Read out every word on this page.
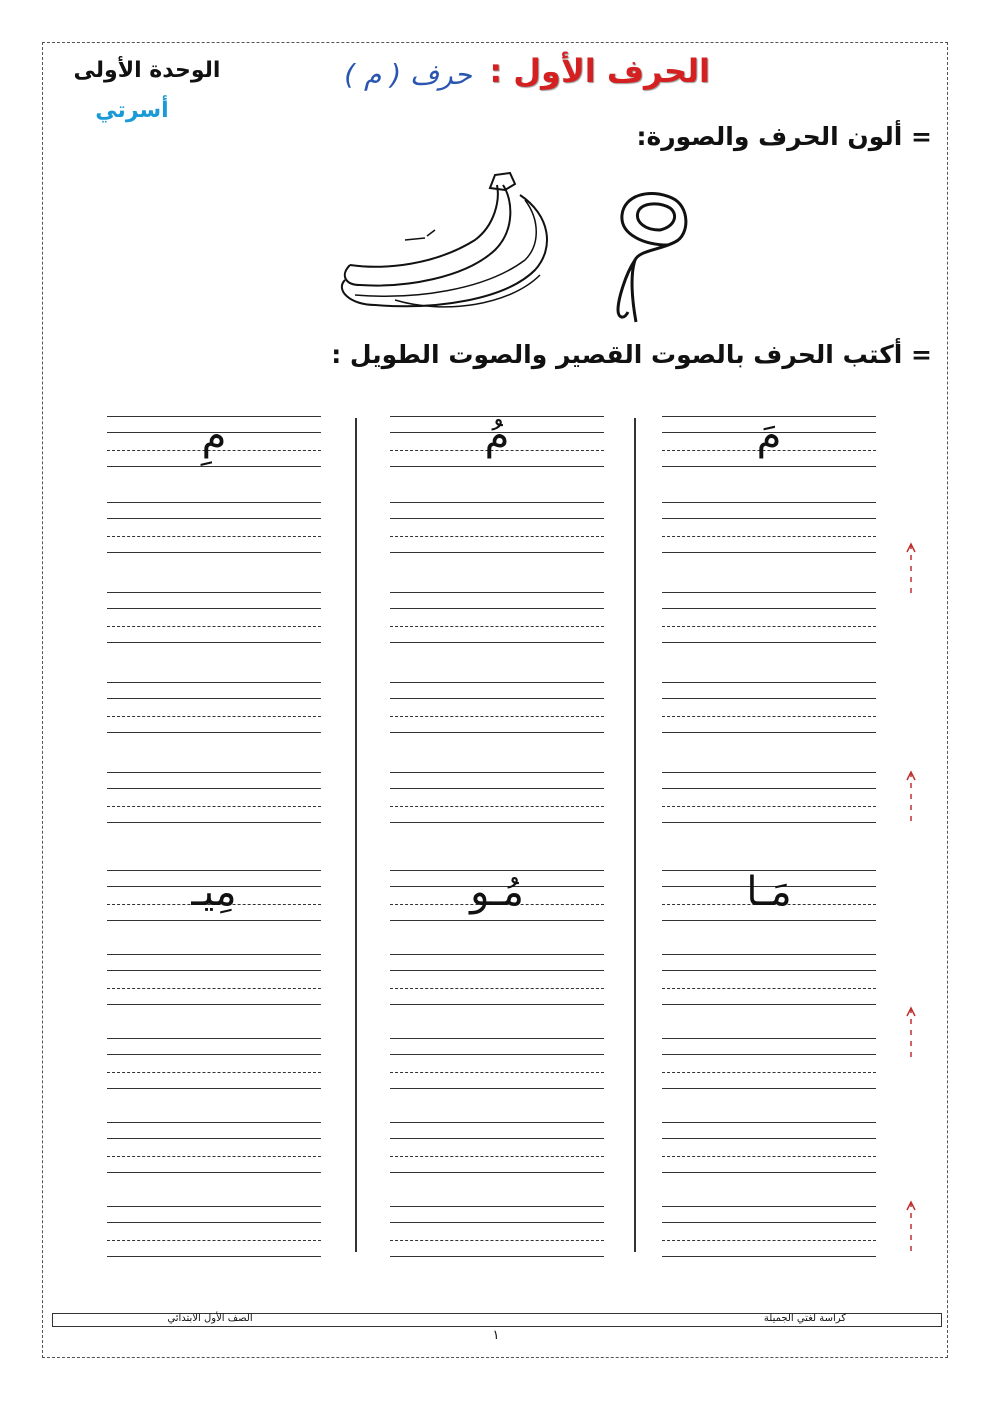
الوحدة الأولى
أسرتي
الحرف الأول :
حرف ( م )
= ألون الحرف والصورة:
= أكتب الحرف بالصوت القصير والصوت الطويل :
مَ
مَـا
مُ
مُـو
مِ
مِيـ
الصف الأول الابتدائي	كراسة لغتي الجميلة
١
